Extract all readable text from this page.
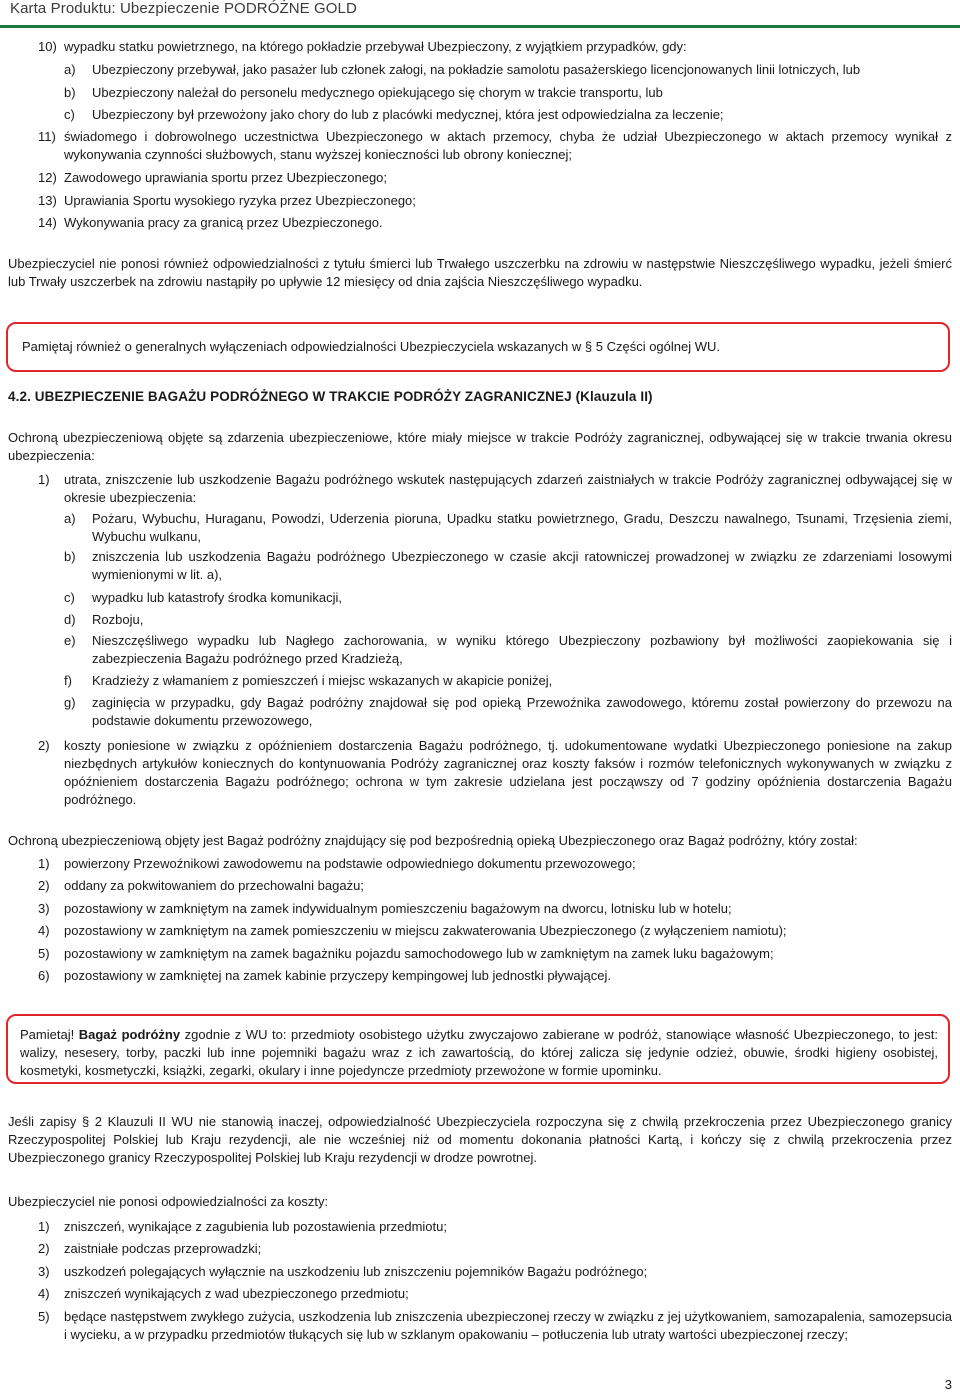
Karta Produktu: Ubezpieczenie PODRÓŻNE GOLD
10) wypadku statku powietrznego, na którego pokładzie przebywał Ubezpieczony, z wyjątkiem przypadków, gdy:
a) Ubezpieczony przebywał, jako pasażer lub członek załogi, na pokładzie samolotu pasażerskiego licencjonowanych linii lotniczych, lub
b) Ubezpieczony należał do personelu medycznego opiekującego się chorym w trakcie transportu, lub
c) Ubezpieczony był przewożony jako chory do lub z placówki medycznej, która jest odpowiedzialna za leczenie;
11) świadomego i dobrowolnego uczestnictwa Ubezpieczonego w aktach przemocy, chyba że udział Ubezpieczonego w aktach przemocy wynikał z wykonywania czynności służbowych, stanu wyższej konieczności lub obrony koniecznej;
12) Zawodowego uprawiania sportu przez Ubezpieczonego;
13) Uprawiania Sportu wysokiego ryzyka przez Ubezpieczonego;
14) Wykonywania pracy za granicą przez Ubezpieczonego.
Ubezpieczyciel nie ponosi również odpowiedzialności z tytułu śmierci lub Trwałego uszczerbku na zdrowiu w następstwie Nieszczęśliwego wypadku, jeżeli śmierć lub Trwały uszczerbek na zdrowiu nastąpiły po upływie 12 miesięcy od dnia zajścia Nieszczęśliwego wypadku.
Pamiętaj również o generalnych wyłączeniach odpowiedzialności Ubezpieczyciela wskazanych w § 5 Części ogólnej WU.
4.2. UBEZPIECZENIE BAGAŻU PODRÓŻNEGO W TRAKCIE PODRÓŻY ZAGRANICZNEJ (Klauzula II)
Ochroną ubezpieczeniową objęte są zdarzenia ubezpieczeniowe, które miały miejsce w trakcie Podróży zagranicznej, odbywającej się w trakcie trwania okresu ubezpieczenia:
1) utrata, zniszczenie lub uszkodzenie Bagażu podróżnego wskutek następujących zdarzeń zaistniałych w trakcie Podróży zagranicznej odbywającej się w okresie ubezpieczenia:
a) Pożaru, Wybuchu, Huraganu, Powodzi, Uderzenia pioruna, Upadku statku powietrznego, Gradu, Deszczu nawalnego, Tsunami, Trzęsienia ziemi, Wybuchu wulkanu,
b) zniszczenia lub uszkodzenia Bagażu podróżnego Ubezpieczonego w czasie akcji ratowniczej prowadzonej w związku ze zdarzeniami losowymi wymienionymi w lit. a),
c) wypadku lub katastrofy środka komunikacji,
d) Rozboju,
e) Nieszczęśliwego wypadku lub Nagłego zachorowania, w wyniku którego Ubezpieczony pozbawiony był możliwości zaopiekowania się i zabezpieczenia Bagażu podróżnego przed Kradzieżą,
f) Kradzieży z włamaniem z pomieszczeń i miejsc wskazanych w akapicie poniżej,
g) zaginięcia w przypadku, gdy Bagaż podróżny znajdował się pod opieką Przewoźnika zawodowego, któremu został powierzony do przewozu na podstawie dokumentu przewozowego,
2) koszty poniesione w związku z opóźnieniem dostarczenia Bagażu podróżnego, tj. udokumentowane wydatki Ubezpieczonego poniesione na zakup niezbędnych artykułów koniecznych do kontynuowania Podróży zagranicznej oraz koszty faksów i rozmów telefonicznych wykonywanych w związku z opóźnieniem dostarczenia Bagażu podróżnego; ochrona w tym zakresie udzielana jest począwszy od 7 godziny opóźnienia dostarczenia Bagażu podróżnego.
Ochroną ubezpieczeniową objęty jest Bagaż podróżny znajdujący się pod bezpośrednią opieką Ubezpieczonego oraz Bagaż podróżny, który został:
1) powierzony Przewoźnikowi zawodowemu na podstawie odpowiedniego dokumentu przewozowego;
2) oddany za pokwitowaniem do przechowalni bagażu;
3) pozostawiony w zamkniętym na zamek indywidualnym pomieszczeniu bagażowym na dworcu, lotnisku lub w hotelu;
4) pozostawiony w zamkniętym na zamek pomieszczeniu w miejscu zakwaterowania Ubezpieczonego (z wyłączeniem namiotu);
5) pozostawiony w zamkniętym na zamek bagażniku pojazdu samochodowego lub w zamkniętym na zamek luku bagażowym;
6) pozostawiony w zamkniętej na zamek kabinie przyczepy kempingowej lub jednostki pływającej.
Pamietaj! Bagaż podróżny zgodnie z WU to: przedmioty osobistego użytku zwyczajowo zabierane w podróż, stanowiące własność Ubezpieczonego, to jest: walizy, nesesery, torby, paczki lub inne pojemniki bagażu wraz z ich zawartością, do której zalicza się jedynie odzież, obuwie, środki higieny osobistej, kosmetyki, kosmetyczki, książki, zegarki, okulary i inne pojedyncze przedmioty przewożone w formie upominku.
Jeśli zapisy § 2 Klauzuli II WU nie stanowią inaczej, odpowiedzialność Ubezpieczyciela rozpoczyna się z chwilą przekroczenia przez Ubezpieczonego granicy Rzeczypospolitej Polskiej lub Kraju rezydencji, ale nie wcześniej niż od momentu dokonania płatności Kartą, i kończy się z chwilą przekroczenia przez Ubezpieczonego granicy Rzeczypospolitej Polskiej lub Kraju rezydencji w drodze powrotnej.
Ubezpieczyciel nie ponosi odpowiedzialności za koszty:
1) zniszczeń, wynikające z zagubienia lub pozostawienia przedmiotu;
2) zaistniałe podczas przeprowadzki;
3) uszkodzeń polegających wyłącznie na uszkodzeniu lub zniszczeniu pojemników Bagażu podróżnego;
4) zniszczeń wynikających z wad ubezpieczonego przedmiotu;
5) będące następstwem zwykłego zużycia, uszkodzenia lub zniszczenia ubezpieczonej rzeczy w związku z jej użytkowaniem, samozapalenia, samozepsucia i wycieku, a w przypadku przedmiotów tłukących się lub w szklanym opakowaniu – potłuczenia lub utraty wartości ubezpieczonej rzeczy;
3
